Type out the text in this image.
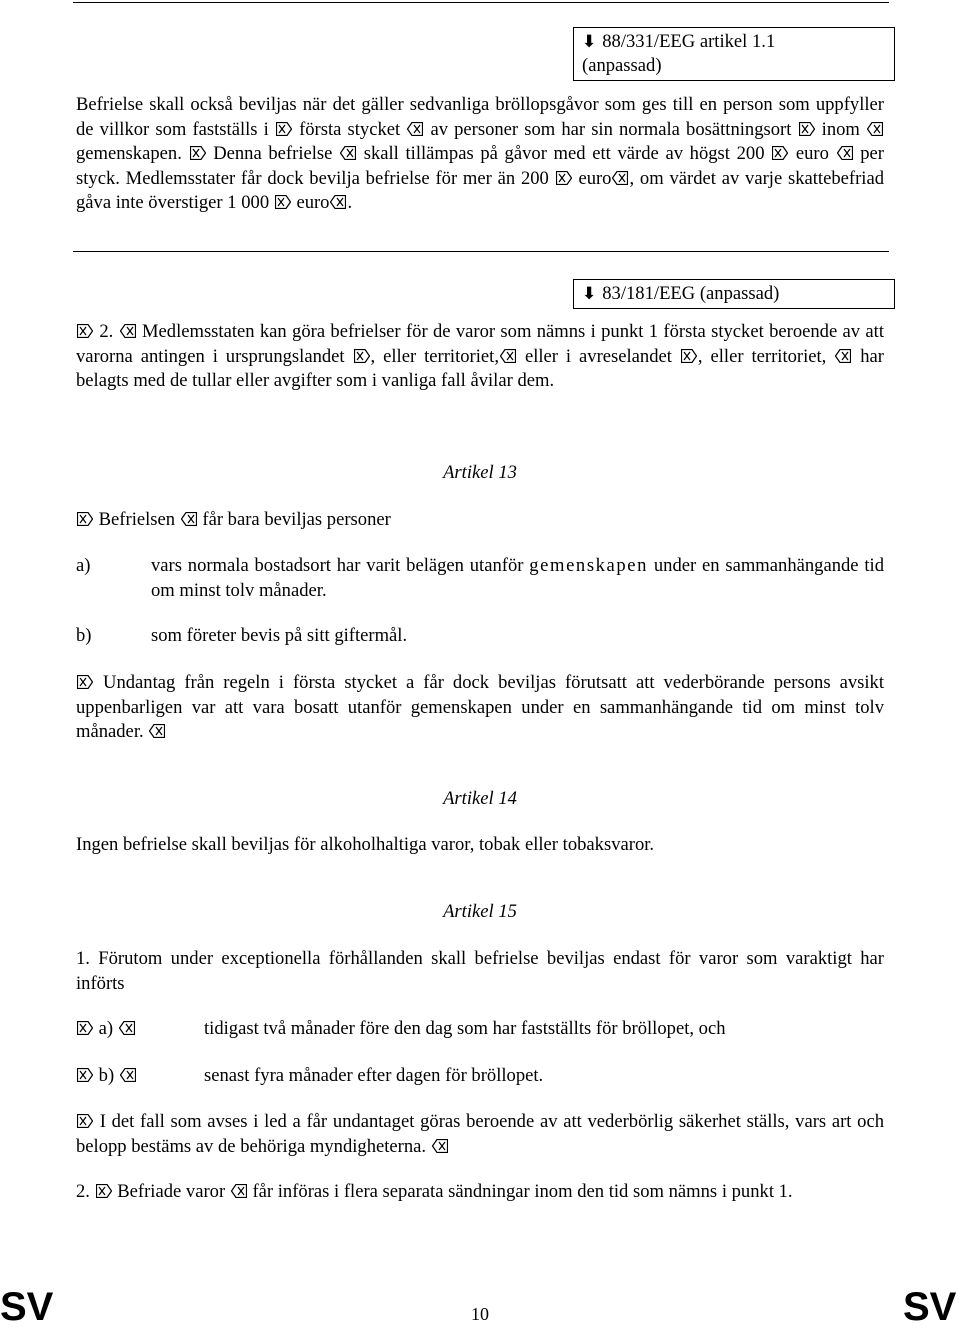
⬇ 88/331/EEG artikel 1.1
(anpassad)
Befrielse skall också beviljas när det gäller sedvanliga bröllopsgåvor som ges till en person som uppfyller de villkor som fastställs i första stycket av personer som har sin normala bosättningsort inom
gemenskapen. Denna befrielse skall tillämpas på gåvor med ett värde av högst 200 euro per styck. Medlemsstater får dock bevilja befrielse för mer än 200 euro , om värdet av varje skattebefriad gåva inte överstiger 1 000 euro .
⬇ 83/181/EEG (anpassad)
2. Medlemsstaten kan göra befrielser för de varor som nämns i punkt 1 första stycket beroende av att varorna antingen i ursprungslandet , eller territoriet, eller i avreselandet , eller territoriet, har belagts med de tullar eller avgifter som i vanliga fall åvilar dem.
Artikel 13
Befrielsen får bara beviljas personer
a)	vars normala bostadsort har varit belägen utanför gemenskapen under en sammanhängande tid om minst tolv månader.
b)	som företer bevis på sitt giftermål.
Undantag från regeln i första stycket a får dock beviljas förutsatt att vederbörande persons avsikt uppenbarligen var att vara bosatt utanför gemenskapen under en sammanhängande tid om minst tolv månader.
Artikel 14
Ingen befrielse skall beviljas för alkoholhaltiga varor, tobak eller tobaksvaror.
Artikel 15
1. Förutom under exceptionella förhållanden skall befrielse beviljas endast för varor som varaktigt har införts
a)	tidigast två månader före den dag som har fastställts för bröllopet, och
b)	senast fyra månader efter dagen för bröllopet.
I det fall som avses i led a får undantaget göras beroende av att vederbörlig säkerhet ställs, vars art och belopp bestäms av de behöriga myndigheterna.
2. Befriade varor får införas i flera separata sändningar inom den tid som nämns i punkt 1.
SV	10	SV
